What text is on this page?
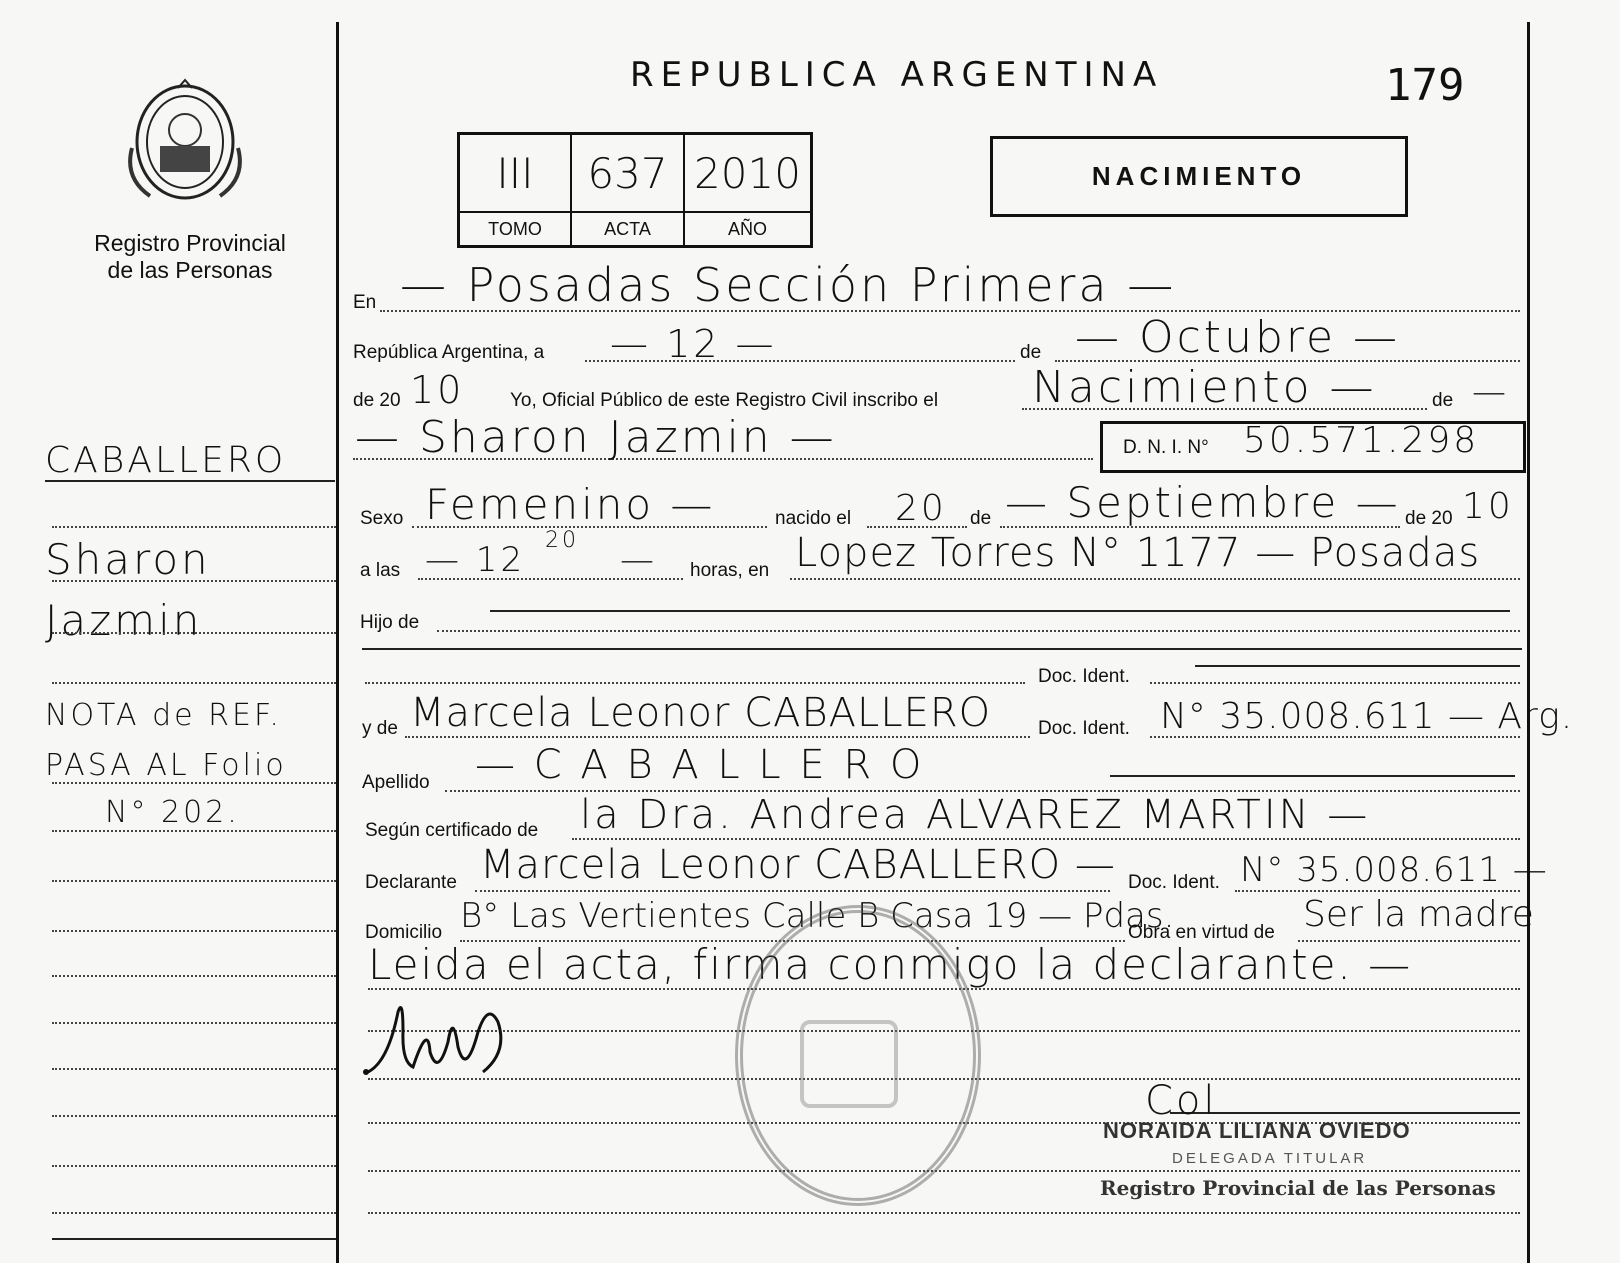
Registro Provincial
de las Personas
REPUBLICA ARGENTINA	179
III	637 2010
TOMO	ACTA	AÑO
NACIMIENTO
CABALLERO
Sharon
Jazmin
NOTA de REF.
PASA AL Folio
N° 202.
En — Posadas Sección Primera —
República Argentina, a — 12 —	de — Octubre —
de 20 10 Yo, Oficial Público de este Registro Civil inscribo el Nacimiento —	de —
— Sharon Jazmin —	D. N. I. N° 50.571.298
Sexo Femenino —	nacido el 20 de — Septiembre — de 20 10
a las — 12 20 — horas, en Lopez Torres N° 1177 — Posadas
Hijo de
Doc. Ident.
y de Marcela Leonor CABALLERO Doc. Ident. N° 35.008.611 — Arg.
Apellido — C A B A L L E R O
Según certificado de la Dra. Andrea ALVAREZ MARTIN —
Declarante Marcela Leonor CABALLERO — Doc. Ident. N° 35.008.611 —
Domicilio B° Las Vertientes Calle B Casa 19 — Pdas.
Obra en virtud de Ser la madre
Leida el acta, firma conmigo la declarante. —
Col
NORAIDA LILIANA OVIEDO
DELEGADA TITULAR
Registro Provincial de las Personas
